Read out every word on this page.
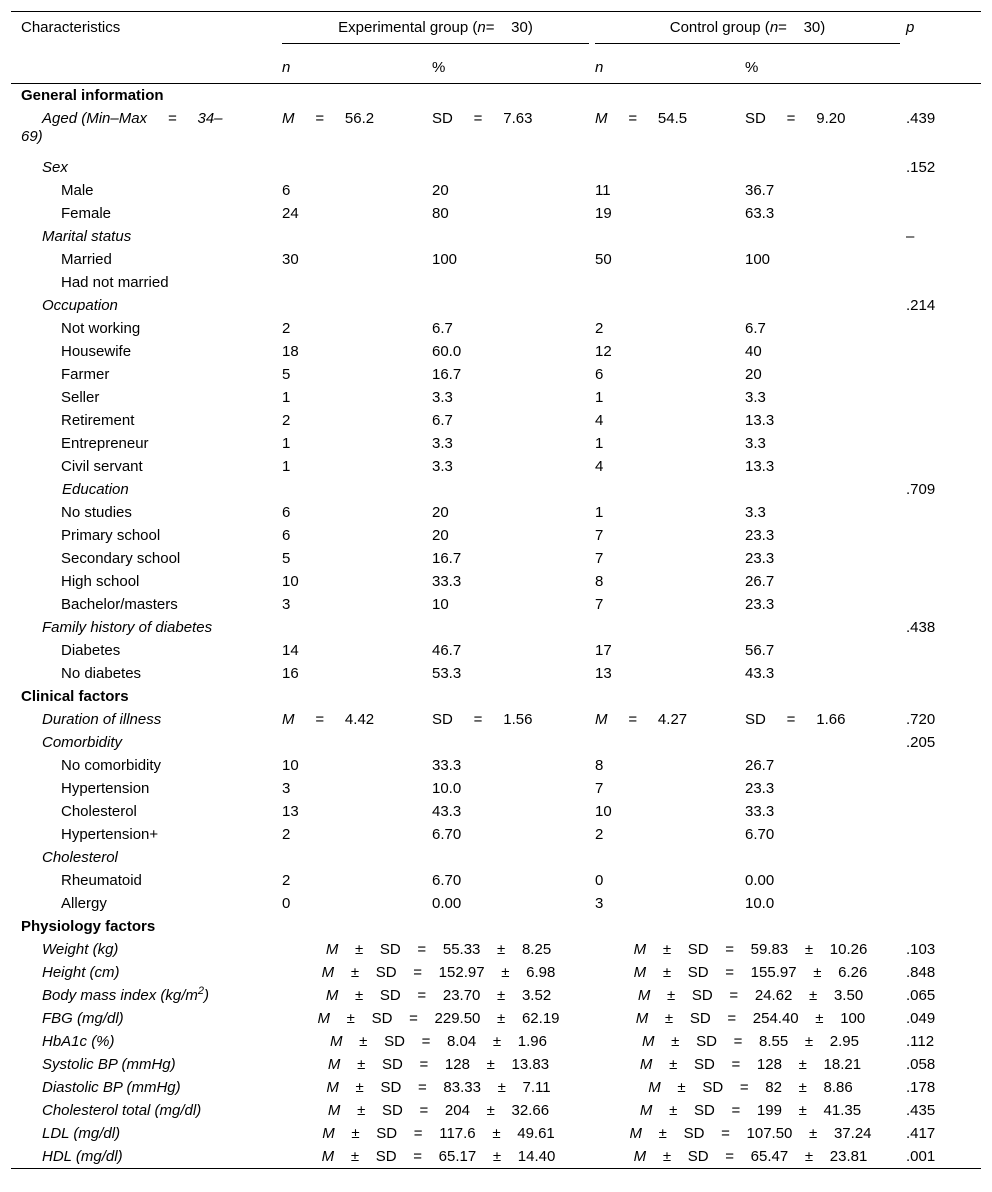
Characteristics	Experimental group (n=    30)		Control group (n=    30)		p
	n	%	n	%	
General information					
Aged (Min–Max     =     34–
69)	M     =     56.2	SD     =     7.63	M     =     54.5	SD     =     9.20	.439
Sex					.152
Male	6	20	11	36.7	
Female	24	80	19	63.3	
Marital status					–
Married	30	100	50	100	
Had not married					
Occupation					.214
Not working	2	6.7	2	6.7	
Housewife	18	60.0	12	40	
Farmer	5	16.7	6	20	
Seller	1	3.3	1	3.3	
Retirement	2	6.7	4	13.3	
Entrepreneur	1	3.3	1	3.3	
Civil servant	1	3.3	4	13.3	
Education					.709
No studies	6	20	1	3.3	
Primary school	6	20	7	23.3	
Secondary school	5	16.7	7	23.3	
High school	10	33.3	8	26.7	
Bachelor/masters	3	10	7	23.3	
Family history of diabetes					.438
Diabetes	14	46.7	17	56.7	
No diabetes	16	53.3	13	43.3	
Clinical factors					
Duration of illness	M     =     4.42	SD     =     1.56	M     =     4.27	SD     =     1.66	.720
Comorbidity					.205
No comorbidity	10	33.3	8	26.7	
Hypertension	3	10.0	7	23.3	
Cholesterol	13	43.3	10	33.3	
Hypertension+	2	6.70	2	6.70	
Cholesterol					
Rheumatoid	2	6.70	0	0.00	
Allergy	0	0.00	3	10.0	
Physiology factors					
Weight (kg)	M    ±    SD    =    55.33    ±    8.25		M    ±    SD    =    59.83    ±    10.26		.103
Height (cm)	M    ±    SD    =    152.97    ±    6.98		M    ±    SD    =    155.97    ±    6.26		.848
Body mass index $(kg/m^2)$	M    ±    SD    =    23.70    ±    3.52		M    ±    SD    =    24.62    ±    3.50		.065
FBG (mg/dl)	M    ±    SD    =    229.50    ±    62.19		M    ±    SD    =    254.40    ±    100		.049
HbA1c (%)	M    ±    SD    =    8.04    ±    1.96		M    ±    SD    =    8.55    ±    2.95		.112
Systolic BP (mmHg)	M    ±    SD    =    128    ±    13.83		M    ±    SD    =    128    ±    18.21		.058
Diastolic BP (mmHg)	M    ±    SD    =    83.33    ±    7.11		M    ±    SD    =    82    ±    8.86		.178
Cholesterol total (mg/dl)	M    ±    SD    =    204    ±    32.66		M    ±    SD    =    199    ±    41.35		.435
LDL (mg/dl)	M    ±    SD    =    117.6    ±    49.61		M    ±    SD    =    107.50    ±    37.24		.417
HDL (mg/dl)	M    ±    SD    =    65.17    ±    14.40		M    ±    SD    =    65.47    ±    23.81		.001
